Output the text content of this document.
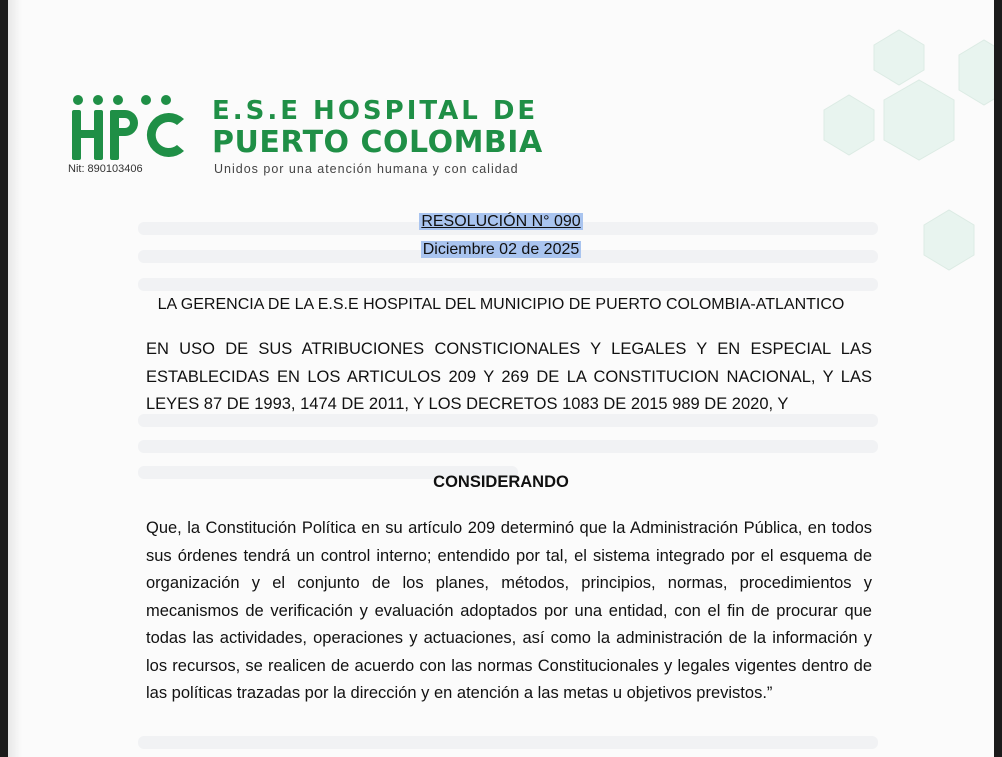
Nit: 890103406
E.S.E HOSPITAL DE
PUERTO COLOMBIA
Unidos por una atención humana y con calidad
RESOLUCIÓN N° 090
Diciembre 02 de 2025
LA GERENCIA DE LA E.S.E HOSPITAL DEL MUNICIPIO DE PUERTO COLOMBIA-ATLANTICO
EN USO DE SUS ATRIBUCIONES CONSTICIONALES Y LEGALES Y EN ESPECIAL LAS ESTABLECIDAS EN LOS ARTICULOS 209 Y 269 DE LA CONSTITUCION NACIONAL, Y LAS LEYES 87 DE 1993, 1474 DE 2011, Y LOS DECRETOS 1083 DE 2015 989 DE 2020, Y
CONSIDERANDO
Que, la Constitución Política en su artículo 209 determinó que la Administración Pública, en todos sus órdenes tendrá un control interno; entendido por tal, el sistema integrado por el esquema de organización y el conjunto de los planes, métodos, principios, normas, procedimientos y mecanismos de verificación y evaluación adoptados por una entidad, con el fin de procurar que todas las actividades, operaciones y actuaciones, así como la administración de la información y los recursos, se realicen de acuerdo con las normas Constitucionales y legales vigentes dentro de las políticas trazadas por la dirección y en atención a las metas u objetivos previstos.”
